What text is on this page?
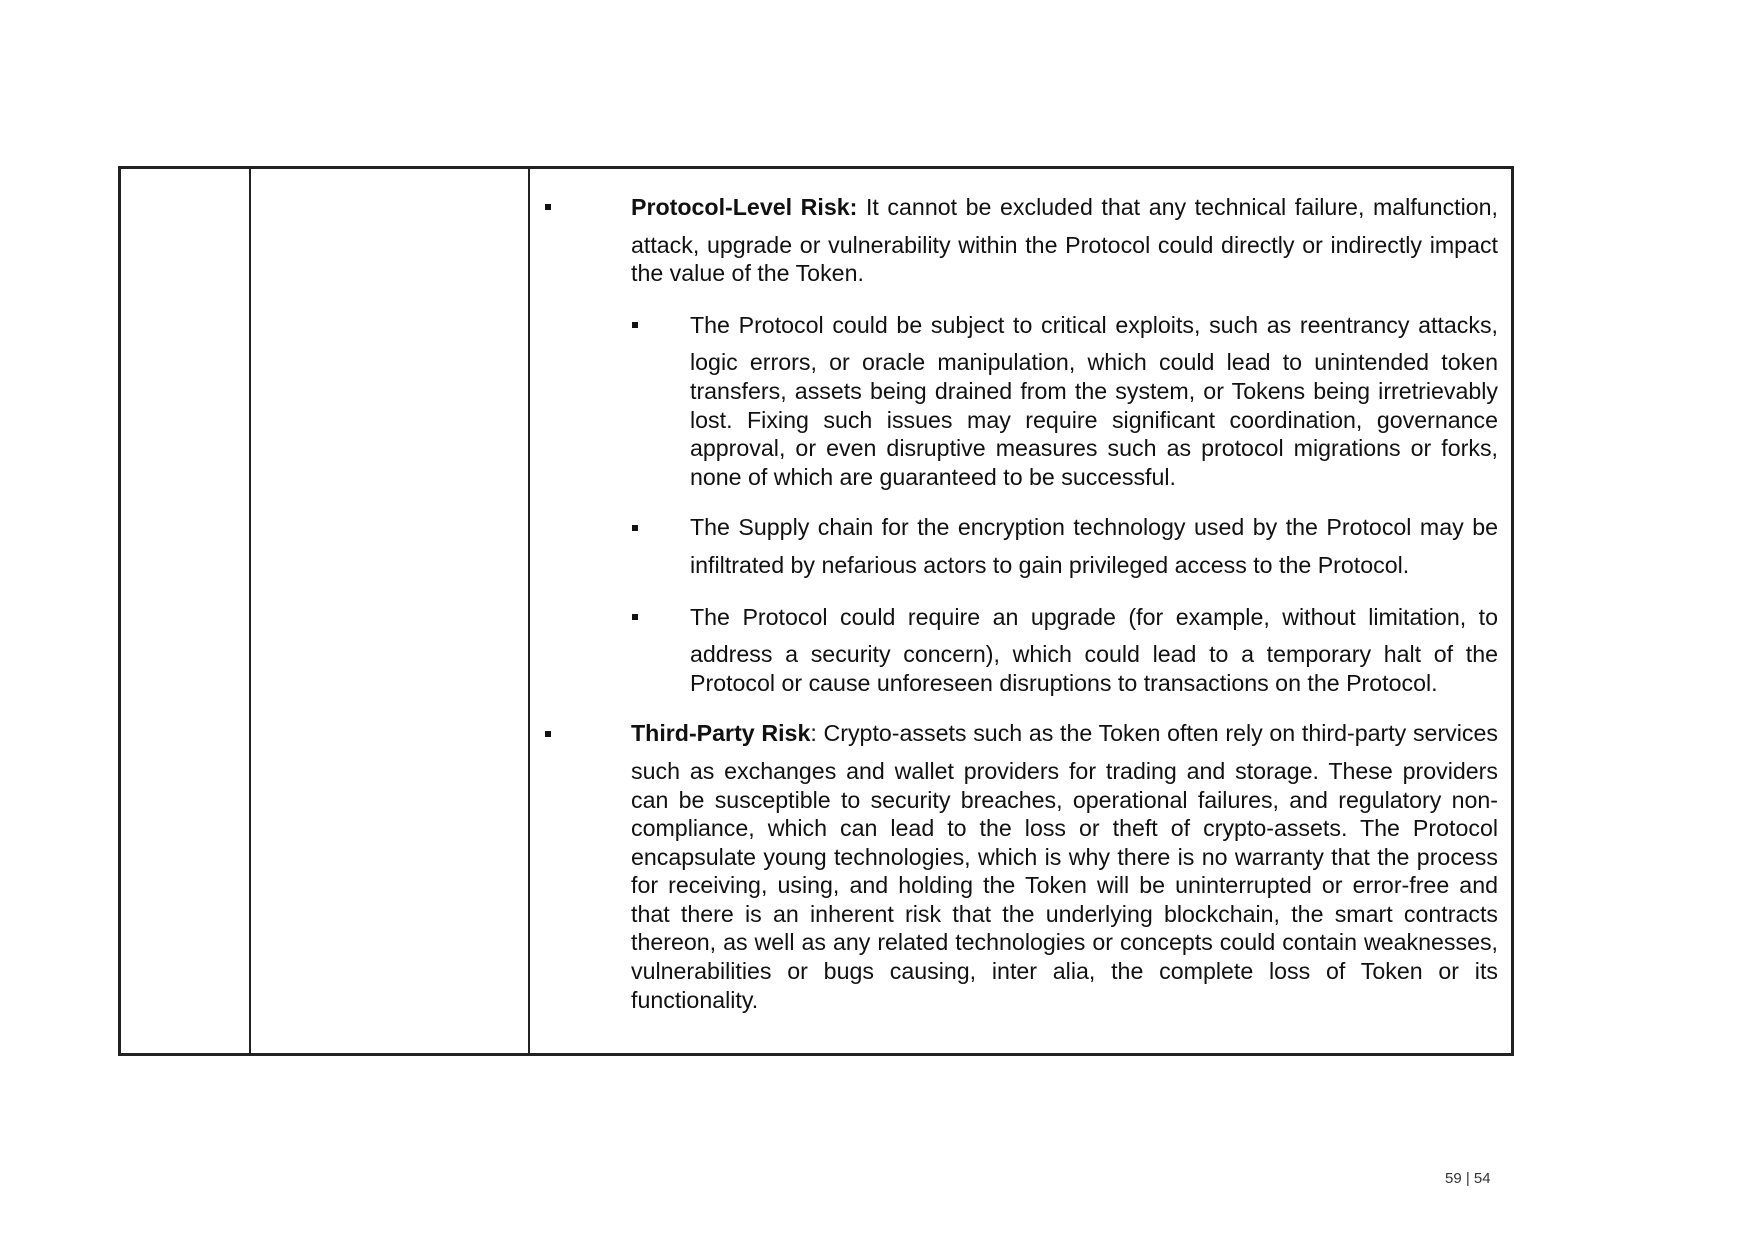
Protocol-Level Risk: It cannot be excluded that any technical failure, malfunction,
attack, upgrade or vulnerability within the Protocol could directly or indirectly impact the value of the Token.
The Protocol could be subject to critical exploits, such as reentrancy attacks,
logic errors, or oracle manipulation, which could lead to unintended token transfers, assets being drained from the system, or Tokens being irretrievably lost. Fixing such issues may require significant coordination, governance approval, or even disruptive measures such as protocol migrations or forks, none of which are guaranteed to be successful.
The Supply chain for the encryption technology used by the Protocol may be
infiltrated by nefarious actors to gain privileged access to the Protocol.
The Protocol could require an upgrade (for example, without limitation, to
address a security concern), which could lead to a temporary halt of the Protocol or cause unforeseen disruptions to transactions on the Protocol.
Third-Party Risk: Crypto-assets such as the Token often rely on third-party services
such as exchanges and wallet providers for trading and storage. These providers can be susceptible to security breaches, operational failures, and regulatory non-compliance, which can lead to the loss or theft of crypto-assets. The Protocol encapsulate young technologies, which is why there is no warranty that the process for receiving, using, and holding the Token will be uninterrupted or error-free and that there is an inherent risk that the underlying blockchain, the smart contracts thereon, as well as any related technologies or concepts could contain weaknesses, vulnerabilities or bugs causing, inter alia, the complete loss of Token or its functionality.
59 | 54
